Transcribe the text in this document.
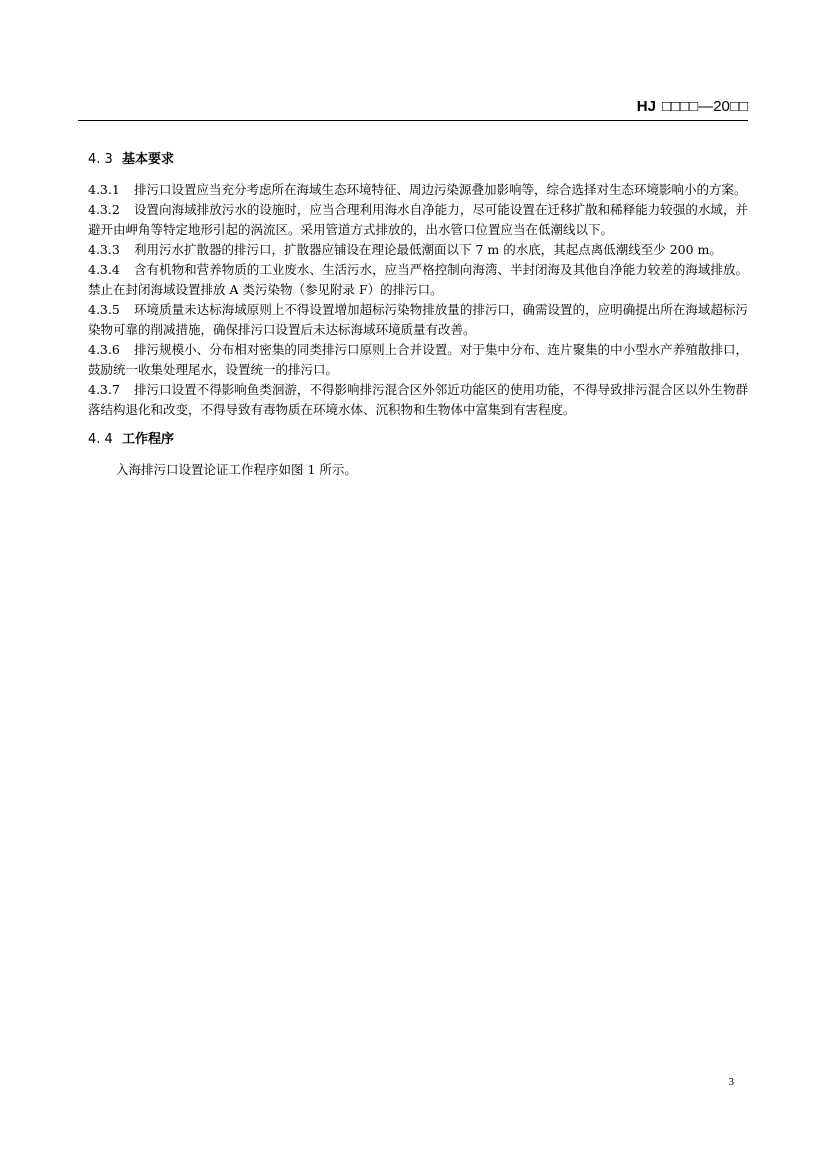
HJ □□□□—20□□
4. 3 基本要求

4.3.1 排污口设置应当充分考虑所在海域生态环境特征、周边污染源叠加影响等，综合选择对生态环境影响小的方案。

4.3.2 设置向海域排放污水的设施时，应当合理利用海水自净能力，尽可能设置在迁移扩散和稀释能力较强的水域，并避开由岬角等特定地形引起的涡流区。采用管道方式排放的，出水管口位置应当在低潮线以下。

4.3.3 利用污水扩散器的排污口，扩散器应铺设在理论最低潮面以下 7 m 的水底，其起点离低潮线至少 200 m。

4.3.4 含有机物和营养物质的工业废水、生活污水，应当严格控制向海湾、半封闭海及其他自净能力较差的海域排放。禁止在封闭海域设置排放 A 类污染物（参见附录 F）的排污口。

4.3.5 环境质量未达标海域原则上不得设置增加超标污染物排放量的排污口，确需设置的，应明确提出所在海域超标污染物可靠的削减措施，确保排污口设置后未达标海域环境质量有改善。

4.3.6 排污规模小、分布相对密集的同类排污口原则上合并设置。对于集中分布、连片聚集的中小型水产养殖散排口，鼓励统一收集处理尾水，设置统一的排污口。

4.3.7 排污口设置不得影响鱼类洄游，不得影响排污混合区外邻近功能区的使用功能，不得导致排污混合区以外生物群落结构退化和改变，不得导致有毒物质在环境水体、沉积物和生物体中富集到有害程度。

4. 4 工作程序

入海排污口设置论证工作程序如图 1 所示。

3
